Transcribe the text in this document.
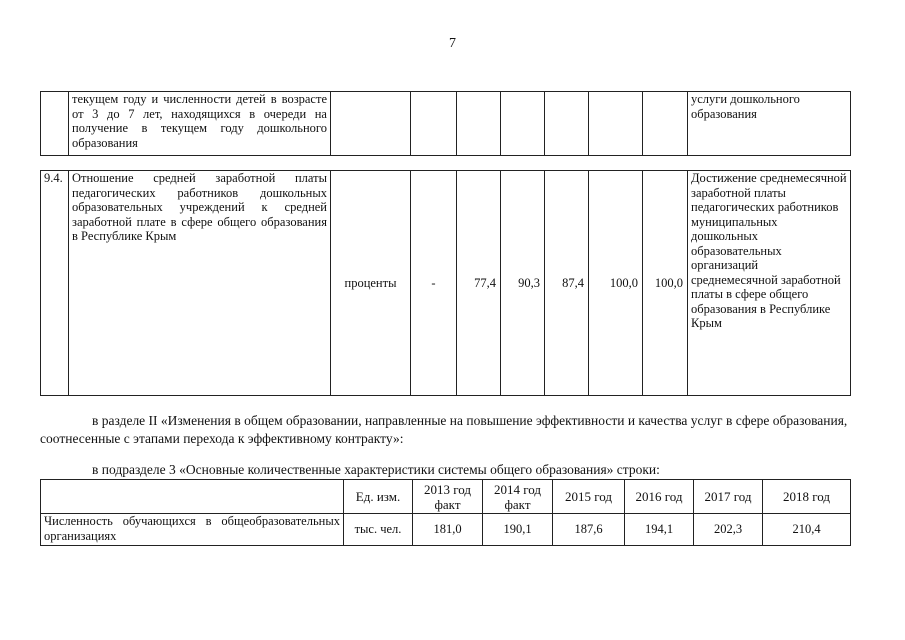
7
	текущем году и численности детей в возрасте от 3 до 7 лет, находящихся в очереди на получение в текущем году дошкольного образования								услуги дошкольного образования
9.4.	Отношение средней заработной платы педагогических работников дошкольных образовательных учреждений к средней заработной плате в сфере общего образования в Республике Крым	проценты	-	77,4	90,3	87,4	100,0	100,0	Достижение среднемесячной заработной платы педагогических работников муниципальных дошкольных образовательных организаций среднемесячной заработной платы в сфере общего образования в Республике Крым
в разделе II «Изменения в общем образовании, направленные на повышение эффективности и качества услуг в сфере образования,
соотнесенные с этапами перехода к эффективному контракту»:
в подразделе 3 «Основные количественные характеристики системы общего образования» строки:
	Ед. изм.	2013 год факт	2014 год факт	2015 год	2016 год	2017 год	2018 год
Численность обучающихся в общеобразовательных организациях	тыс. чел.	181,0	190,1	187,6	194,1	202,3	210,4
